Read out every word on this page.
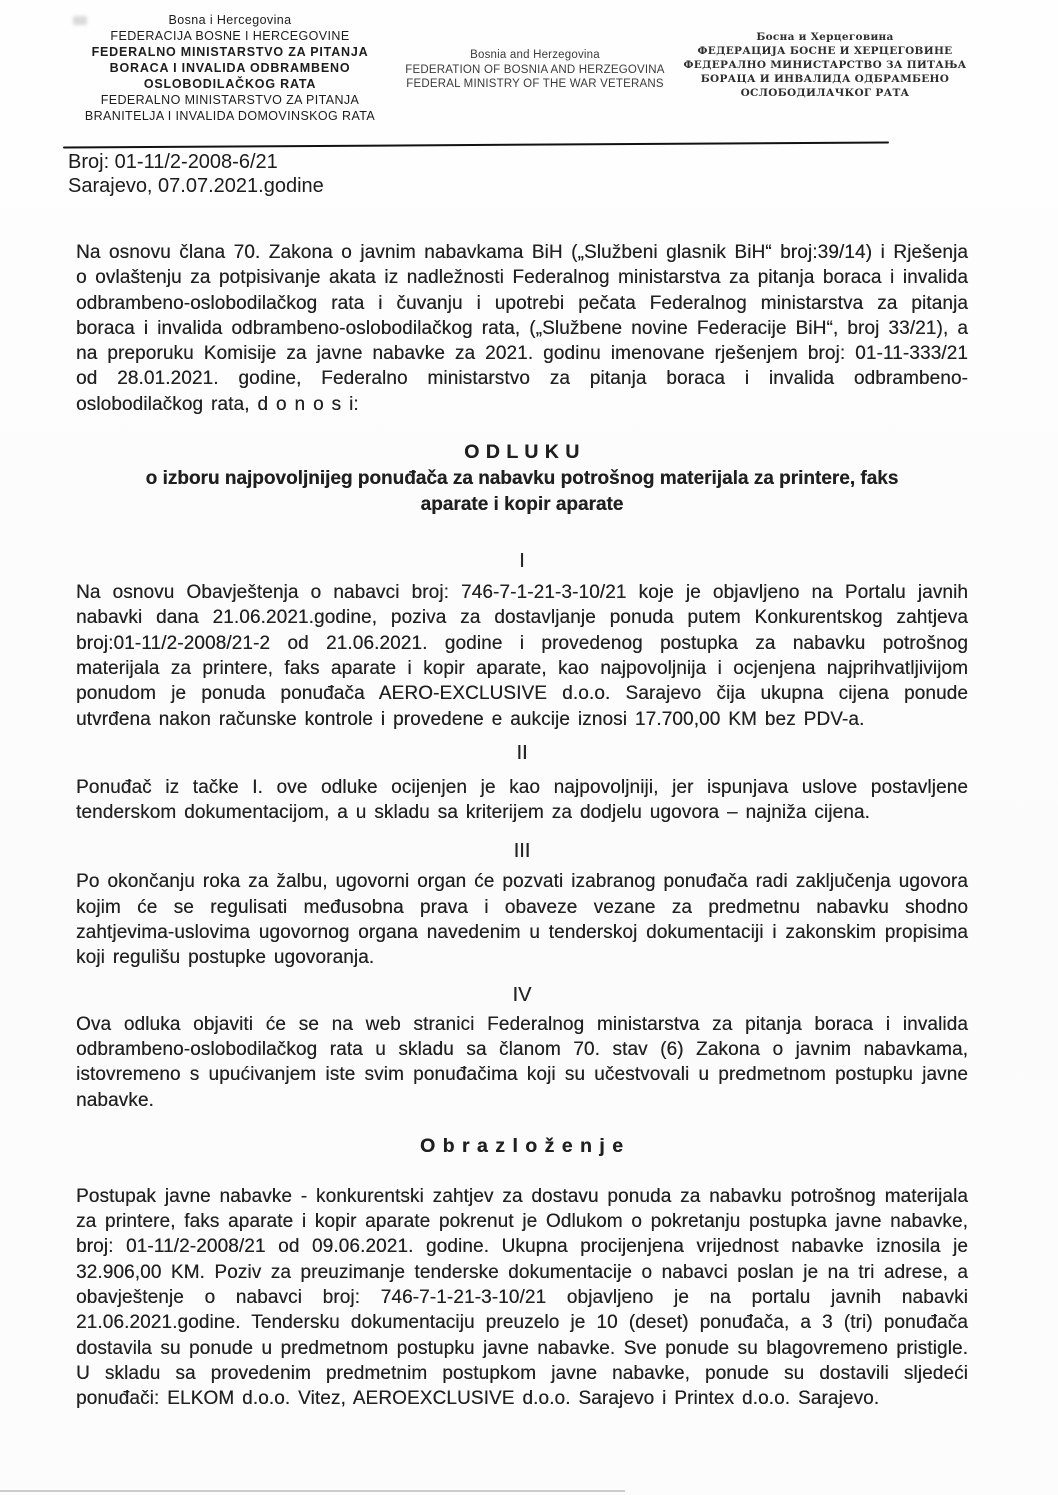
Bosna i Hercegovina
FEDERACIJA BOSNE I HERCEGOVINE
FEDERALNO MINISTARSTVO ZA PITANJA
BORACA I INVALIDA ODBRAMBENO
OSLOBODILAČKOG RATA
FEDERALNO MINISTARSTVO ZA PITANJA
BRANITELJA I INVALIDA DOMOVINSKOG RATA
Bosnia and Herzegovina
FEDERATION OF BOSNIA AND HERZEGOVINA
FEDERAL MINISTRY OF THE WAR VETERANS
Босна и Херцеговина
ФЕДЕРАЦИЈА БОСНЕ И ХЕРЦЕГОВИНЕ
ФЕДЕРАЛНО МИНИСТАРСТВО ЗА ПИТАЊА
БОРАЦА И ИНВАЛИДА ОДБРАМБЕНО
ОСЛОБОДИЛАЧКОГ РАТА
Broj: 01-11/2-2008-6/21
Sarajevo, 07.07.2021.godine

Na osnovu člana 70. Zakona o javnim nabavkama BiH („Službeni glasnik BiH“ broj:39/14) i Rješenja o ovlaštenju za potpisivanje akata iz nadležnosti Federalnog ministarstva za pitanja boraca i invalida odbrambeno-oslobodilačkog rata i čuvanju i upotrebi pečata Federalnog ministarstva za pitanja boraca i invalida odbrambeno-oslobodilačkog rata, („Službene novine Federacije BiH“, broj 33/21), a na preporuku Komisije za javne nabavke za 2021. godinu imenovane rješenjem broj: 01-11-333/21 od 28.01.2021. godine, Federalno ministarstvo za pitanja boraca i invalida odbrambeno-oslobodilačkog rata, d o n o s i:

O D L U K U
o izboru najpovoljnijeg ponuđača za nabavku potrošnog materijala za printere, faks aparate i kopir aparate
I

Na osnovu Obavještenja o nabavci broj: 746-7-1-21-3-10/21 koje je objavljeno na Portalu javnih nabavki dana 21.06.2021.godine, poziva za dostavljanje ponuda putem Konkurentskog zahtjeva broj:01-11/2-2008/21-2 od 21.06.2021. godine i provedenog postupka za nabavku potrošnog materijala za printere, faks aparate i kopir aparate, kao najpovoljnija i ocjenjena najprihvatljivijom ponudom je ponuda ponuđača AERO-EXCLUSIVE d.o.o. Sarajevo čija ukupna cijena ponude utvrđena nakon računske kontrole i provedene e aukcije iznosi 17.700,00 KM bez PDV-a.

II

Ponuđač iz tačke I. ove odluke ocijenjen je kao najpovoljniji, jer ispunjava uslove postavljene tenderskom dokumentacijom, a u skladu sa kriterijem za dodjelu ugovora – najniža cijena.

III

Po okončanju roka za žalbu, ugovorni organ će pozvati izabranog ponuđača radi zaključenja ugovora kojim će se regulisati međusobna prava i obaveze vezane za predmetnu nabavku shodno zahtjevima-uslovima ugovornog organa navedenim u tenderskoj dokumentaciji i zakonskim propisima koji regulišu postupke ugovoranja.

IV

Ova odluka objaviti će se na web stranici Federalnog ministarstva za pitanja boraca i invalida odbrambeno-oslobodilačkog rata u skladu sa članom 70. stav (6) Zakona o javnim nabavkama, istovremeno s upućivanjem iste svim ponuđačima koji su učestvovali u predmetnom postupku javne nabavke.

O b r a z l o ž e n j e

Postupak javne nabavke - konkurentski zahtjev za dostavu ponuda za nabavku potrošnog materijala za printere, faks aparate i kopir aparate pokrenut je Odlukom o pokretanju postupka javne nabavke, broj: 01-11/2-2008/21 od 09.06.2021. godine. Ukupna procijenjena vrijednost nabavke iznosila je 32.906,00 KM. Poziv za preuzimanje tenderske dokumentacije o nabavci poslan je na tri adrese, a obavještenje o nabavci broj: 746-7-1-21-3-10/21 objavljeno je na portalu javnih nabavki 21.06.2021.godine. Tendersku dokumentaciju preuzelo je 10 (deset) ponuđača, a 3 (tri) ponuđača dostavila su ponude u predmetnom postupku javne nabavke. Sve ponude su blagovremeno pristigle. U skladu sa provedenim predmetnim postupkom javne nabavke, ponude su dostavili sljedeći ponuđači: ELKOM d.o.o. Vitez, AEROEXCLUSIVE d.o.o. Sarajevo i Printex d.o.o. Sarajevo.
